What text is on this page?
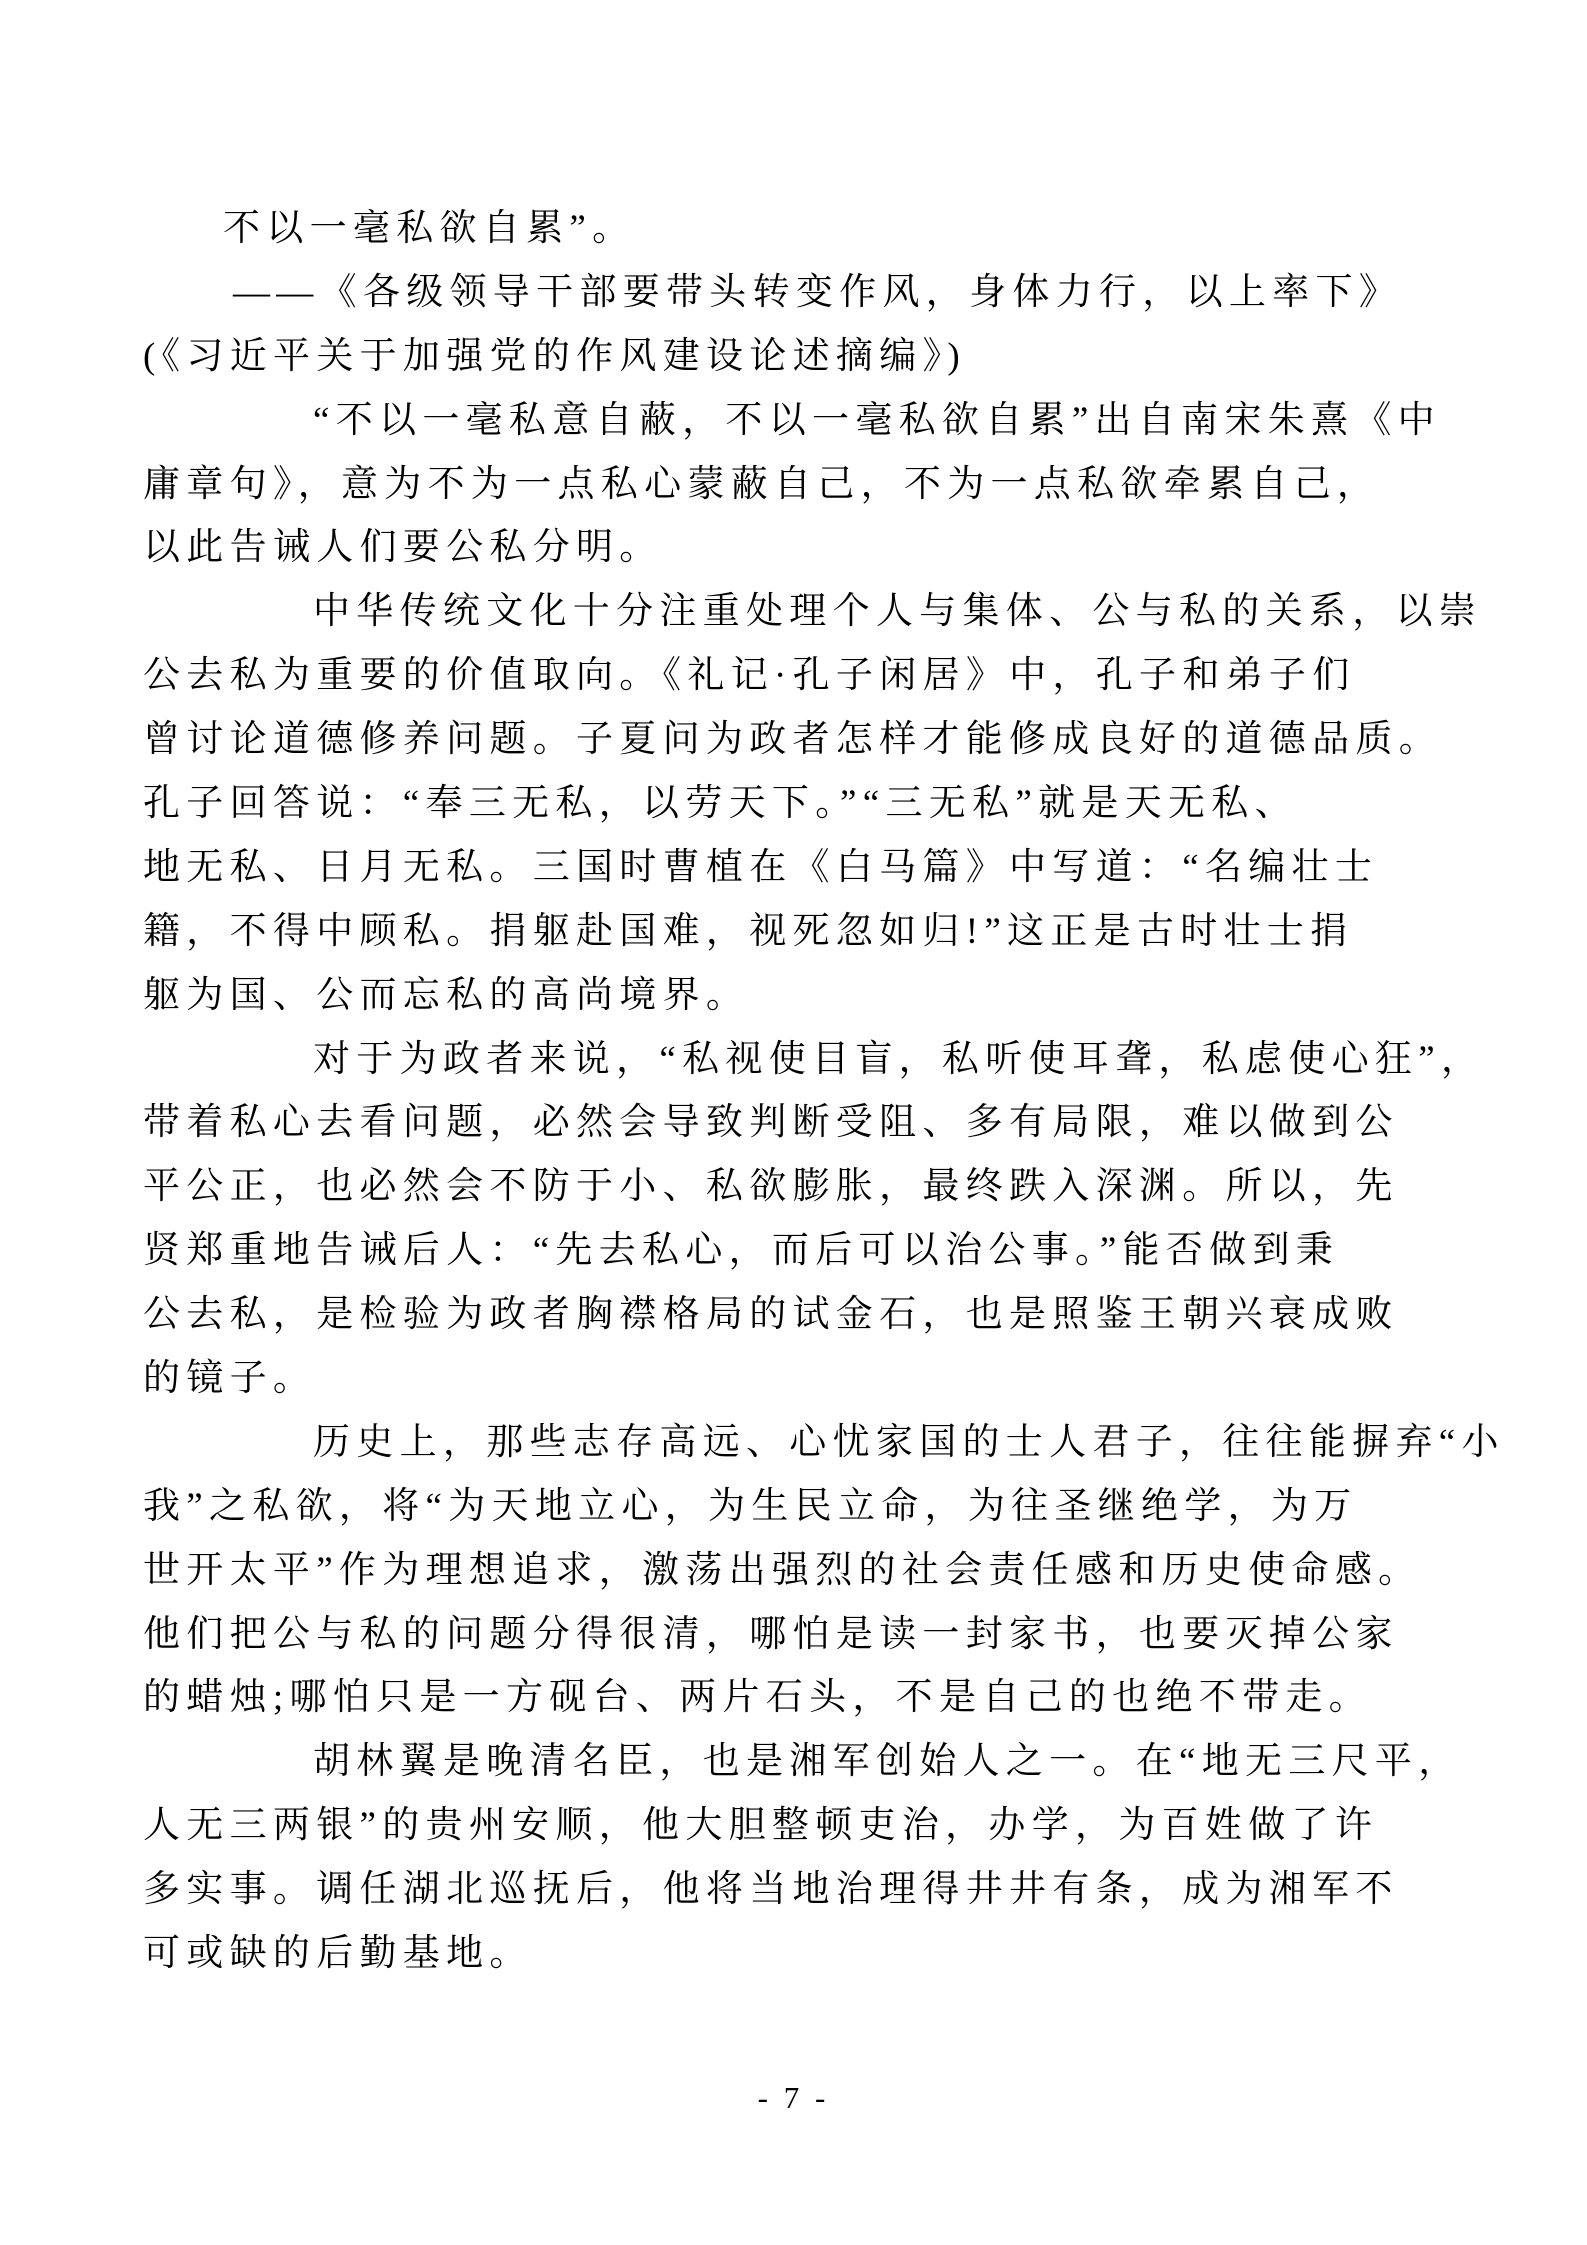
不以一毫私欲自累”。
——《各级领导干部要带头转变作风，身体力行，以上率下》
(《习近平关于加强党的作风建设论述摘编》)
“不以一毫私意自蔽，不以一毫私欲自累”出自南宋朱熹《中
庸章句》，意为不为一点私心蒙蔽自己，不为一点私欲牵累自己，
以此告诫人们要公私分明。
中华传统文化十分注重处理个人与集体、公与私的关系，以崇
公去私为重要的价值取向。《礼记·孔子闲居》中，孔子和弟子们
曾讨论道德修养问题。子夏问为政者怎样才能修成良好的道德品质。
孔子回答说：“奉三无私，以劳天下。”“三无私”就是天无私、
地无私、日月无私。三国时曹植在《白马篇》中写道：“名编壮士
籍，不得中顾私。捐躯赴国难，视死忽如归!”这正是古时壮士捐
躯为国、公而忘私的高尚境界。
对于为政者来说，“私视使目盲，私听使耳聋，私虑使心狂”，
带着私心去看问题，必然会导致判断受阻、多有局限，难以做到公
平公正，也必然会不防于小、私欲膨胀，最终跌入深渊。所以，先
贤郑重地告诫后人：“先去私心，而后可以治公事。”能否做到秉
公去私，是检验为政者胸襟格局的试金石，也是照鉴王朝兴衰成败
的镜子。
历史上，那些志存高远、心忧家国的士人君子，往往能摒弃“小
我”之私欲，将“为天地立心，为生民立命，为往圣继绝学，为万
世开太平”作为理想追求，激荡出强烈的社会责任感和历史使命感。
他们把公与私的问题分得很清，哪怕是读一封家书，也要灭掉公家
的蜡烛;哪怕只是一方砚台、两片石头，不是自己的也绝不带走。
胡林翼是晚清名臣，也是湘军创始人之一。在“地无三尺平，
人无三两银”的贵州安顺，他大胆整顿吏治，办学，为百姓做了许
多实事。调任湖北巡抚后，他将当地治理得井井有条，成为湘军不
可或缺的后勤基地。
- 7 -
